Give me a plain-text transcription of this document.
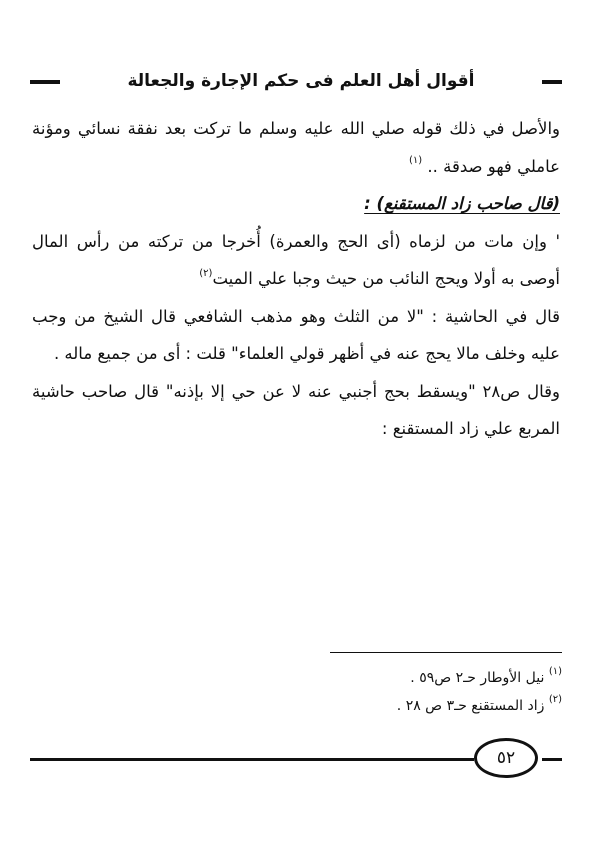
أقوال أهل العلم فى حكم الإجارة والجعالة

والأصل في ذلك قوله صلي الله عليه وسلم ما تركت بعد نفقة نسائي ومؤنة عاملي فهو صدقة .. $^{(١)}$

(قال صاحب زاد المستقنع) :

' وإن مات من لزماه (أى الحج والعمرة) أُخرجا من تركته من رأس المال أوصى به أولا ويحج النائب من حيث وجبا علي الميت$^{(٢)}$

قال في الحاشية : "لا من الثلث وهو مذهب الشافعي قال الشيخ من وجب عليه وخلف مالا يحج عنه في أظهر قولي العلماء" قلت : أى من جميع ماله .

وقال ص٢٨ "ويسقط بحج أجنبي عنه لا عن حي إلا بإذنه" قال صاحب حاشية المربع علي زاد المستقنع :

$^{(١)}$ نيل الأوطار حـ٢ ص٥٩ .

$^{(٢)}$ زاد المستقنع حـ٣ ص ٢٨ .

٥٢
